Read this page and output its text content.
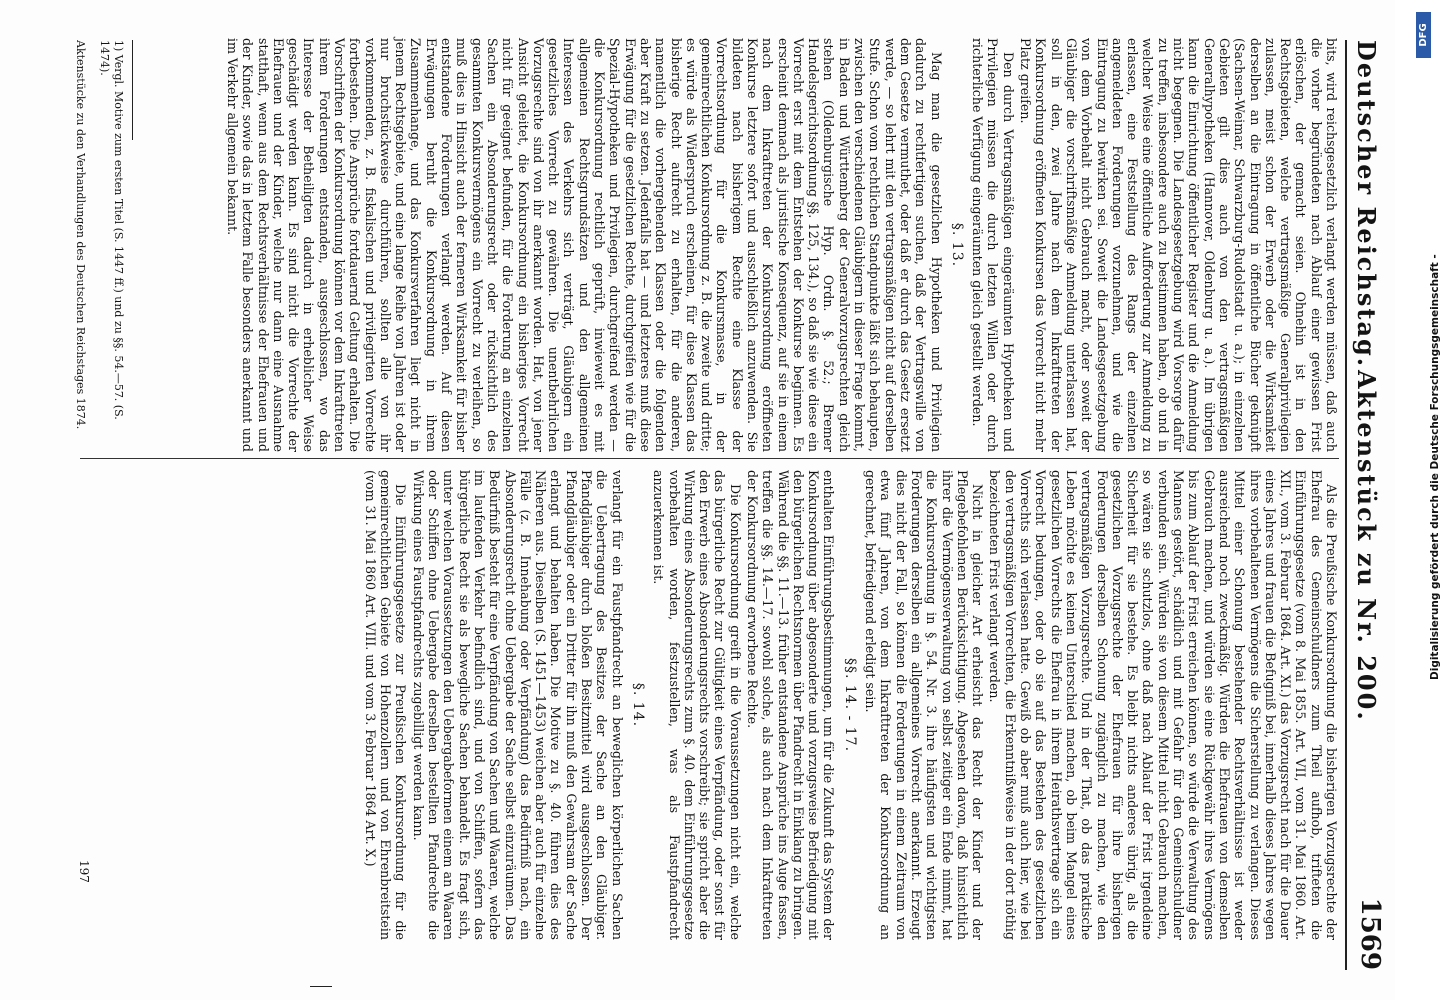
Deutscher Reichstag.
Aktenstück zu Nr. 200.
1569

bits, wird reichsgesetzlich verlangt werden müssen, daß auch die vorher begründeten nach Ablauf einer gewissen Frist erlöschen, der gemacht seien. Ohnehin ist in den Rechtsgebieten, welche vertragsmäßige Generalprivilegien zulassen, meist schon der Erwerb oder die Wirksamkeit derselben an die Eintragung in öffentliche Bücher geknüpft (Sachsen-Weimar, Schwarzburg-Rudolstadt u. a.); in einzelnen Gebieten gilt dies auch von den vertragsmäßigen Generalhypotheken (Hannover, Oldenburg u. a.). Im übrigen kann die Einrichtung öffentlicher Register und die Anmeldung nicht begegnen. Die Landesgesetzgebung wird Vorsorge dafür zu treffen, insbesondere auch zu bestimmen haben, ob und in welcher Weise eine öffentliche Aufforderung zur Anmeldung zu erlassen, eine Feststellung des Rangs der einzelnen angemeldeten Forderungen vorzunehmen, und wie die Eintragung zu bewirken sei. Soweit die Landesgesetzgebung von dem Vorbehalt nicht Gebrauch macht, oder soweit der Gläubiger die vorschriftsmäßige Anmeldung unterlassen hat, soll in den, zwei Jahre nach dem Inkrafttreten der Konkursordnung eröffneten Konkursen das Vorrecht nicht mehr Platz greifen.

Den durch Vertragsmäßigen eingeräumten Hypotheken und Privilegien müssen die durch letzten Willen oder durch richterliche Verfügung eingeräumten gleich gestellt werden.

§. 13.

Mag man die gesetzlichen Hypotheken und Privilegien dadurch zu rechtfertigen suchen, daß der Vertragswille von dem Gesetze vermuthet, oder daß er durch das Gesetz ersetzt werde, — so lehrt mit den vertragsmäßigen nicht auf derselben Stufe. Schon vom rechtlichen Standpunkte läßt sich behaupten, zwischen den verschiedenen Gläubigern in dieser Frage kommt, in Baden und Württemberg der Generalvorzugsrechten gleich stehen (Oldenburgische Hyp. Ordn. §. 52.; Bremer Handelsgerichtsordnung §§. 125, 134.), so daß sie wie diese ein Vorrecht erst mit dem Entstehen der Konkurse beginnen. Es erscheint demnach als juristische Konsequenz, auf sie in einem nach dem Inkrafttreten der Konkursordnung eröffneten Konkurse letztere sofort und ausschließlich anzuwenden. Sie bildeten nach bisherigem Rechte eine Klasse der Vorrechtsordnung für die Konkursmasse, in der gemeinrechtlichen Konkursordnung z. B. die zweite und dritte; es würde als Widerspruch erscheinen, für diese Klassen das bisherige Recht aufrecht zu erhalten, für die anderen, namentlich die vorhergehenden Klassen oder die folgenden aber Kraft zu setzen. Jedenfalls hat — und letzteres muß diese Erwägung für die gesetzlichen Rechte, durchgreifen wie für die Spezial-Hypotheken und Privilegien, durchgreifend werden — die Konkursordnung rechtlich geprüft, inwieweit es mit allgemeinen Rechtsgrundsätzen und den allgemeinen Interessen des Verkehrs sich verträgt, Gläubigern ein gesetzliches Vorrecht zu gewähren. Die unentbehrlichen Vorzugsrechte sind von ihr anerkannt worden. Hat, von jener Ansicht geleitet, die Konkursordnung ein bisheriges Vorrecht nicht für geeignet befunden, für die Forderung an einzelnen Sachen ein Absonderungsrecht oder rücksichtlich des gesammten Konkursvermögens ein Vorrecht zu verleihen, so muß dies in Hinsicht auch der ferneren Wirksamkeit für bisher entstandene Forderungen verlangt werden. Auf diesen Erwägungen beruht die Konkursordnung in ihrem Zusammenhange, und das Konkursverfahren liegt nicht in jenem Rechtsgebiete, und eine lange Reihe von Jahren ist oder nur bruchstückweise durchführen, sollten alle von ihr vorkommenden, z. B. fiskalischen und privilegirten Vorrechte fortbestehen. Die Ansprüche fortdauernd Geltung erhalten. Die Vorschriften der Konkursordnung können vor dem Inkrafttreten ihrem Forderungen entstanden, ausgeschlossen, wo das Interesse der Betheiligten dadurch in erheblicher Weise geschädigt werden kann. Es sind nicht die Vorrechte der Ehefrauen und der Kinder, welche nur dann eine Ausnahme statthaft, wenn aus dem Rechtsverhältnisse der Ehefrauen und der Kinder, sowie das in letztem Falle besonders anerkannt und im Verkehr allgemein bekannt.

Als die Preußische Konkursordnung die bisherigen Vorzugsrechte der Ehefrau des Gemeinschuldners zum Theil aufhob, trifteten die Einführungsgesetze (vom 8. Mai 1855. Art. VII, vom 31. Mai 1860. Art. XII., vom 3. Februar 1864. Art. XI.) das Vorzugsrecht nach für die Dauer eines Jahres und frauen die Befugniß bei, innerhalb dieses Jahres wegen ihres vorbehaltenen Vermögens die Sicherstellung zu verlangen. Dieses Mittel einer Schonung bestehender Rechtsverhältnisse ist weder ausreichend noch zweckmäßig. Würden die Ehefrauen von demselben Gebrauch machen, und würden sie eine Rückgewähr ihres Vermögens bis zum Ablauf der Frist erreichen können, so würde die Verwaltung des Mannes gestört, schädlich und mit Gefahr für den Gemeinschuldner verbunden sein. Würden sie von diesem Mittel nicht Gebrauch machen, so wären sie schutzlos, ohne daß nach Ablauf der Frist irgendeine Sicherheit für sie bestehe. Es bleibt nichts anderes übrig, als die gesetzlichen Vorzugsrechte der Ehefrauen für ihre bisherigen Forderungen derselben Schonung zugänglich zu machen, wie den vertragsmäßigen Vorzugsrechte. Und in der That, ob das praktische Leben möchte es keinen Unterschied machen, ob beim Mangel eines gesetzlichen Vorrechts die Ehefrau in ihrem Heirathsvertrage sich ein Vorrecht bedungen, oder ob sie auf das Bestehen des gesetzlichen Vorrechts sich verlassen hatte. Gewiß ob aber muß auch hier, wie bei den vertragsmäßigen Vorrechten, die Erkenntnißweise in der dort nöthig bezeichneten Frist verlangt werden.

Nicht in gleicher Art erheischt das Recht der Kinder und der Pflegebefohlenen Berücksichtigung. Abgesehen davon, daß hinsichtlich ihrer die Vermögensverwaltung von selbst zeitiger ein Ende nimmt, hat die Konkursordnung in §. 54. Nr. 3. ihre häufigsten und wichtigsten Forderungen derselben ein allgemeines Vorrecht anerkannt. Erzeugt dies nicht der Fall, so können die Forderungen in einem Zeitraum von etwa fünf Jahren, von dem Inkrafttreten der Konkursordnung an gerechnet, befriedigend erledigt sein.

§§. 14. - 17.

enthalten Einführungsbestimmungen, um für die Zukunft das System der Konkursordnung über abgesonderte und vorzugsweise Befriedigung mit den bürgerlichen Rechtsnormen über Pfandrecht in Einklang zu bringen. Während die §§. 11.—13. früher entstandene Ansprüche ins Auge fassen, treffen die §§. 14.—17. sowohl solche, als auch nach dem Inkrafttreten der Konkursordnung erworbene Rechte.

Die Konkursordnung greift in die Voraussetzungen nicht ein, welche das bürgerliche Recht zur Gültigkeit eines Verpfändung, oder sonst für den Erwerb eines Absonderungsrechts vorschreibt; sie spricht aber die Wirkung eines Absonderungsrechts zum §. 40. dem Einführungsgesetze vorbehalten worden, festzustellen, was als Faustpfandrecht anzuerkennen ist.

§. 14.

verlangt für ein Faustpfandrecht an beweglichen körperlichen Sachen die Uebertragung des Besitzes der Sache an den Gläubiger. Pfandgläubiger durch bloßen Besitzmittel wird ausgeschlossen. Der Pfandgläubiger oder ein Dritter für ihn muß den Gewahrsam der Sache erlangt und behalten haben. Die Motive zu §. 40. führen dies des Näheren aus. Dieselben (S. 1451—1453) weichen aber auch für einzelne Fälle (z. B. Innehabung oder Verpfändung) das Bedürfniß nach, ein Absonderungsrecht ohne Uebergabe der Sache selbst einzuräumen. Das Bedürfniß besteht für eine Verpfändung von Sachen und Waaren, welche im laufenden Verkehr befindlich sind, und von Schiffen, sofern das bürgerliche Recht sie als bewegliche Sachen behandelt. Es fragt sich, unter welchen Voraussetzungen den Uebergabeformen einem an Waaren oder Schiffen ohne Uebergabe derselben bestellten Pfandrechte die Wirkung eines Faustpfandrechts zugebilligt werden kann.

Die Einführungsgesetze zur Preußischen Konkursordnung für die gemeinrechtlichen Gebiete von Hohenzollern und von Ehrenbreitstein (vom 31. Mai 1860 Art. VIII. und vom 3. Februar 1864 Art. X.)

1) Vergl. Motive zum ersten Titel (S. 1447 ff.) und zu §§. 54.—57. (S. 1474).
Aktenstücke zu den Verhandlungen des Deutschen Reichstages 1874.
197
Digitalisierung gefördert durch die Deutsche Forschungsgemeinschaft -
DFG
